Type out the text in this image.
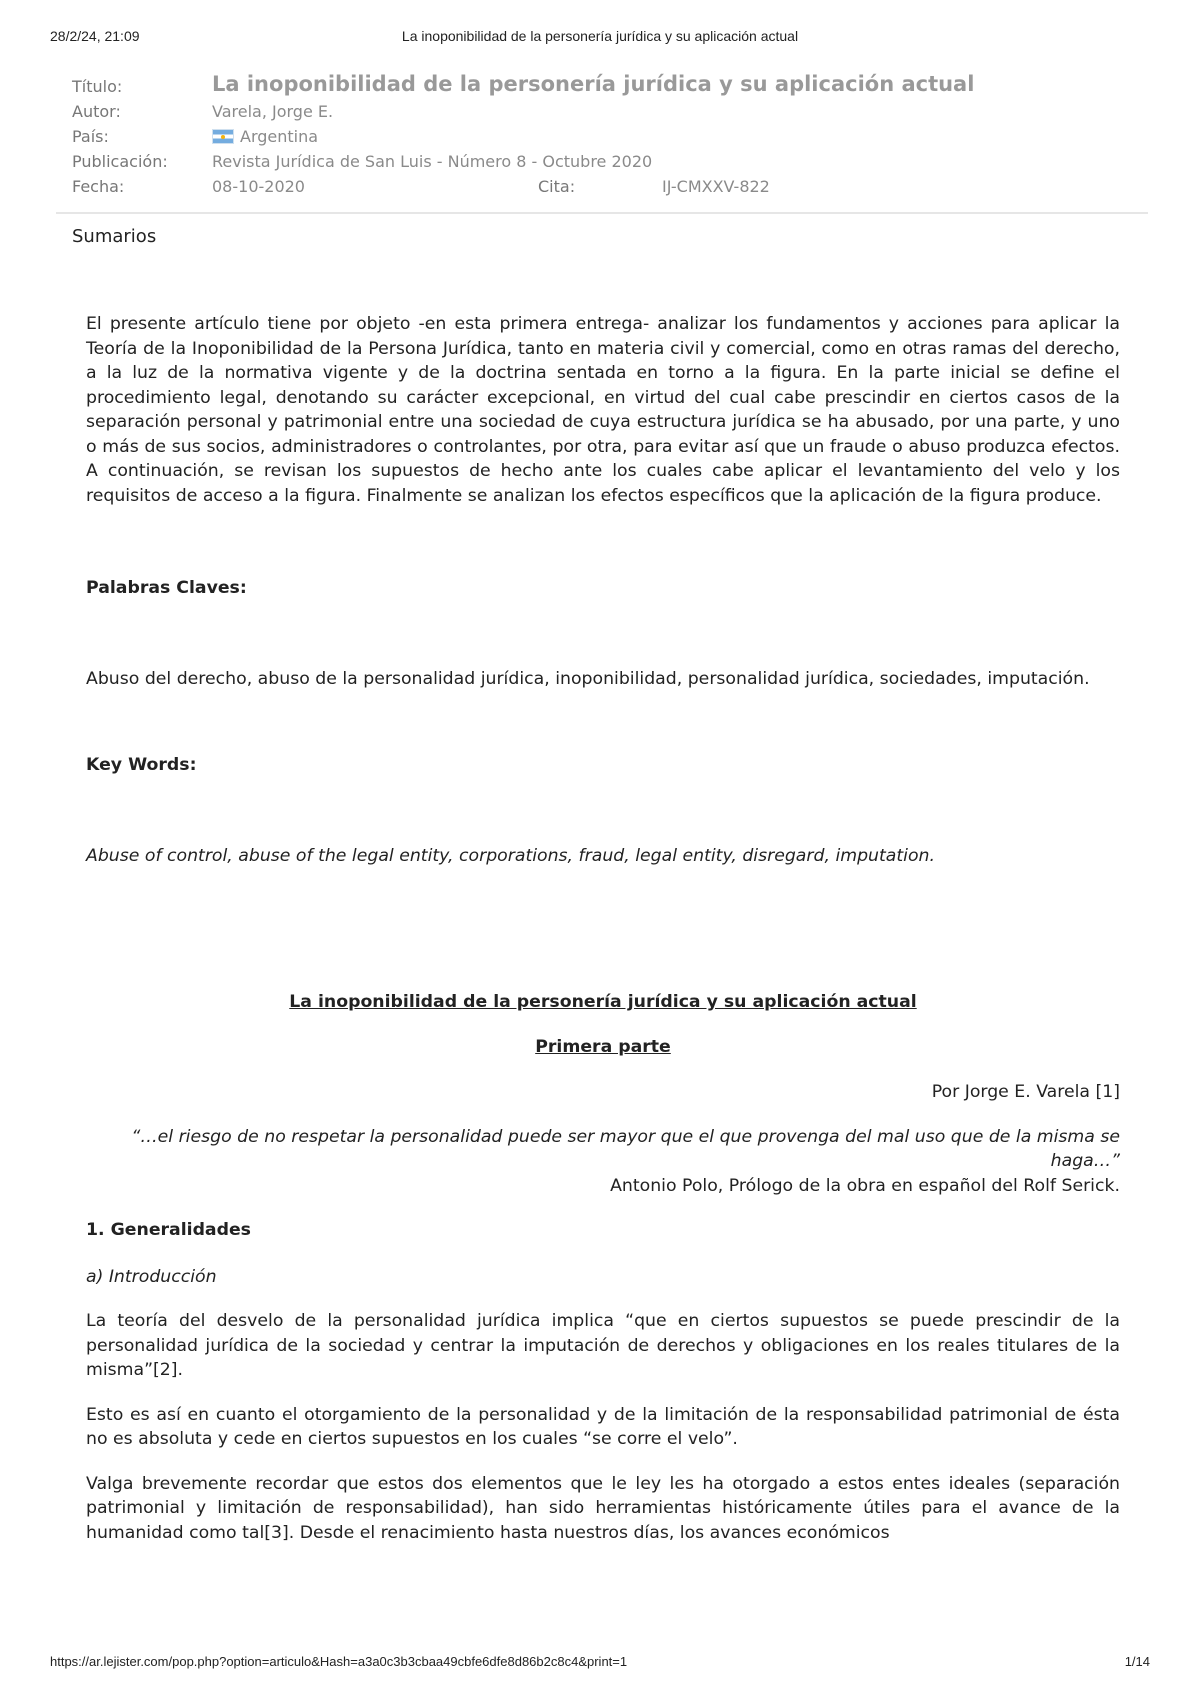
28/2/24, 21:09	La inoponibilidad de la personería jurídica y su aplicación actual
Título:	La inoponibilidad de la personería jurídica y su aplicación actual
Autor:	Varela, Jorge E.
País:	Argentina
Publicación:	Revista Jurídica de San Luis - Número 8 - Octubre 2020
Fecha:	08-10-2020	Cita:	IJ-CMXXV-822
Sumarios

El presente artículo tiene por objeto -en esta primera entrega- analizar los fundamentos y acciones para aplicar la Teoría de la Inoponibilidad de la Persona Jurídica, tanto en materia civil y comercial, como en otras ramas del derecho, a la luz de la normativa vigente y de la doctrina sentada en torno a la figura. En la parte inicial se define el procedimiento legal, denotando su carácter excepcional, en virtud del cual cabe prescindir en ciertos casos de la separación personal y patrimonial entre una sociedad de cuya estructura jurídica se ha abusado, por una parte, y uno o más de sus socios, administradores o controlantes, por otra, para evitar así que un fraude o abuso produzca efectos. A continuación, se revisan los supuestos de hecho ante los cuales cabe aplicar el levantamiento del velo y los requisitos de acceso a la figura. Finalmente se analizan los efectos específicos que la aplicación de la figura produce.

Palabras Claves:

Abuso del derecho, abuso de la personalidad jurídica, inoponibilidad, personalidad jurídica, sociedades, imputación.

Key Words:

Abuse of control, abuse of the legal entity, corporations, fraud, legal entity, disregard, imputation.

La inoponibilidad de la personería jurídica y su aplicación actual

Primera parte

Por Jorge E. Varela [1]

“…el riesgo de no respetar la personalidad puede ser mayor que el que provenga del mal uso que de la misma se haga…”

Antonio Polo, Prólogo de la obra en español del Rolf Serick.

1. Generalidades

a) Introducción

La teoría del desvelo de la personalidad jurídica implica “que en ciertos supuestos se puede prescindir de la personalidad jurídica de la sociedad y centrar la imputación de derechos y obligaciones en los reales titulares de la misma”[2].

Esto es así en cuanto el otorgamiento de la personalidad y de la limitación de la responsabilidad patrimonial de ésta no es absoluta y cede en ciertos supuestos en los cuales “se corre el velo”.

Valga brevemente recordar que estos dos elementos que le ley les ha otorgado a estos entes ideales (separación patrimonial y limitación de responsabilidad), han sido herramientas históricamente útiles para el avance de la humanidad como tal[3]. Desde el renacimiento hasta nuestros días, los avances económicos

https://ar.lejister.com/pop.php?option=articulo&Hash=a3a0c3b3cbaa49cbfe6dfe8d86b2c8c4&print=1	1/14
